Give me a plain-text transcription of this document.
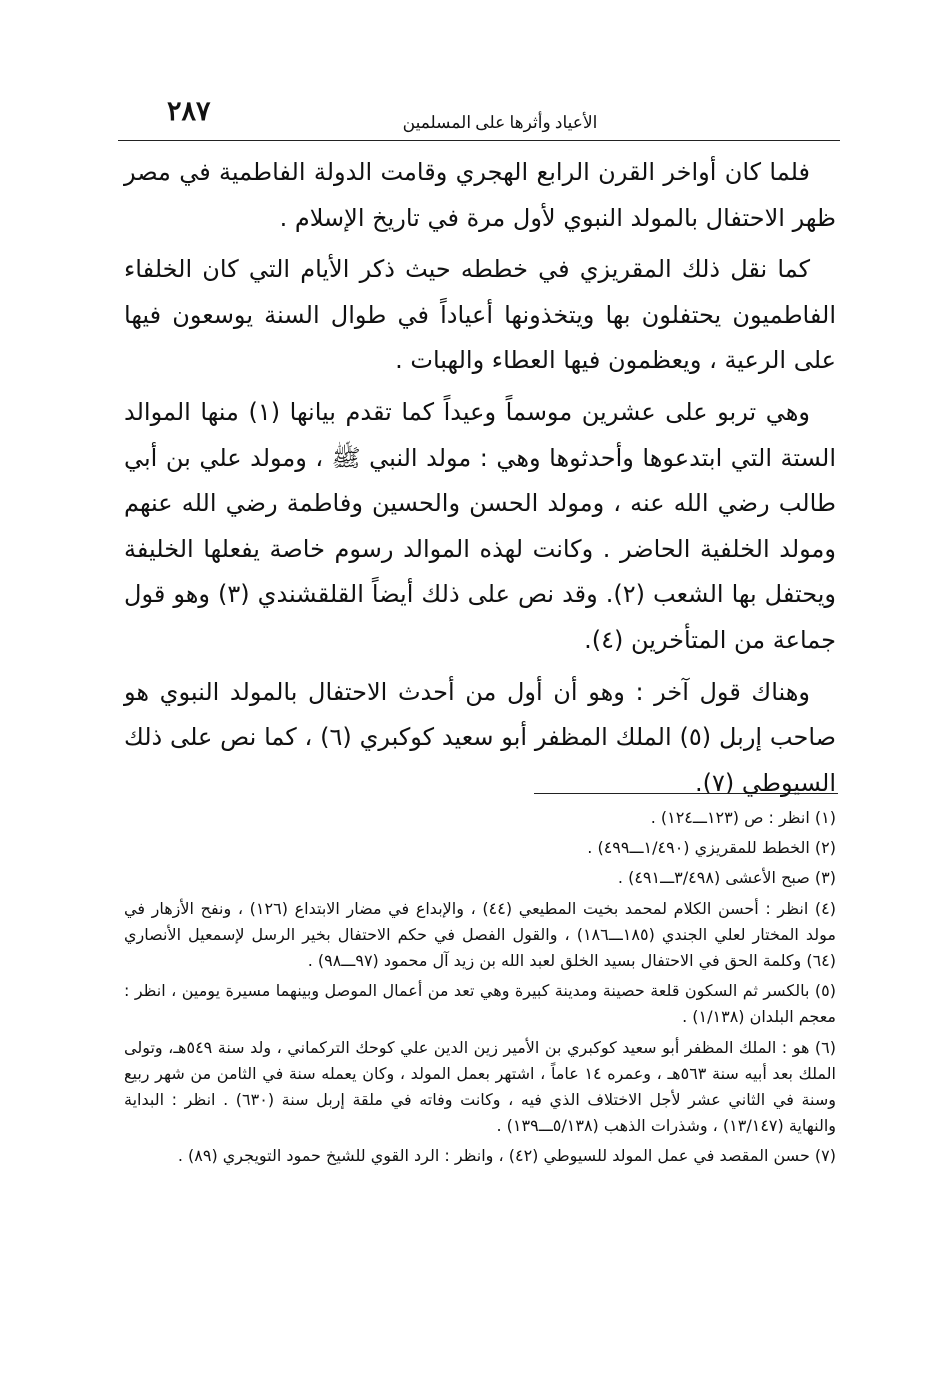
٢٨٧	الأعياد وأثرها على المسلمين

فلما كان أواخر القرن الرابع الهجري وقامت الدولة الفاطمية في مصر ظهر الاحتفال بالمولد النبوي لأول مرة في تاريخ الإسلام .

كما نقل ذلك المقريزي في خططه حيث ذكر الأيام التي كان الخلفاء الفاطميون يحتفلون بها ويتخذونها أعياداً في طوال السنة يوسعون فيها على الرعية ، ويعظمون فيها العطاء والهبات .

وهي تربو على عشرين موسماً وعيداً كما تقدم بيانها (١) منها الموالد الستة التي ابتدعوها وأحدثوها وهي : مولد النبي ﷺ ، ومولد علي بن أبي طالب رضي الله عنه ، ومولد الحسن والحسين وفاطمة رضي الله عنهم ومولد الخلفية الحاضر . وكانت لهذه الموالد رسوم خاصة يفعلها الخليفة ويحتفل بها الشعب (٢). وقد نص على ذلك أيضاً القلقشندي (٣) وهو قول جماعة من المتأخرين (٤).

وهناك قول آخر : وهو أن أول من أحدث الاحتفال بالمولد النبوي هو صاحب إربل (٥) الملك المظفر أبو سعيد كوكبري (٦) ، كما نص على ذلك السيوطي (٧).

(١) انظر : ص (١٢٣ـــ١٢٤) .

(٢) الخطط للمقريزي (١/٤٩٠ـــ٤٩٩) .

(٣) صبح الأعشى (٣/٤٩٨ـــ٤٩١) .

(٤) انظر : أحسن الكلام لمحمد بخيت المطيعي (٤٤) ، والإبداع في مضار الابتداع (١٢٦) ، ونفح الأزهار في مولد المختار لعلي الجندي (١٨٥ـــ١٨٦) ، والقول الفصل في حكم الاحتفال بخير الرسل لإسمعيل الأنصاري (٦٤) وكلمة الحق في الاحتفال بسيد الخلق لعبد الله بن زيد آل محمود (٩٧ـــ٩٨) .

(٥) بالكسر ثم السكون قلعة حصينة ومدينة كبيرة وهي تعد من أعمال الموصل وبينهما مسيرة يومين ، انظر : معجم البلدان (١/١٣٨) .

(٦) هو : الملك المظفر أبو سعيد كوكبري بن الأمير زين الدين علي كوحك التركماني ، ولد سنة ٥٤٩هـ، وتولى الملك بعد أبيه سنة ٥٦٣هـ ، وعمره ١٤ عاماً ، اشتهر بعمل المولد ، وكان يعمله سنة في الثامن من شهر ربيع وسنة في الثاني عشر لأجل الاختلاف الذي فيه ، وكانت وفاته في ملقة إربل سنة (٦٣٠) . انظر : البداية والنهاية (١٣/١٤٧) ، وشذرات الذهب (٥/١٣٨ـــ١٣٩) .

(٧) حسن المقصد في عمل المولد للسيوطي (٤٢) ، وانظر : الرد القوي للشيخ حمود التويجري (٨٩) .
